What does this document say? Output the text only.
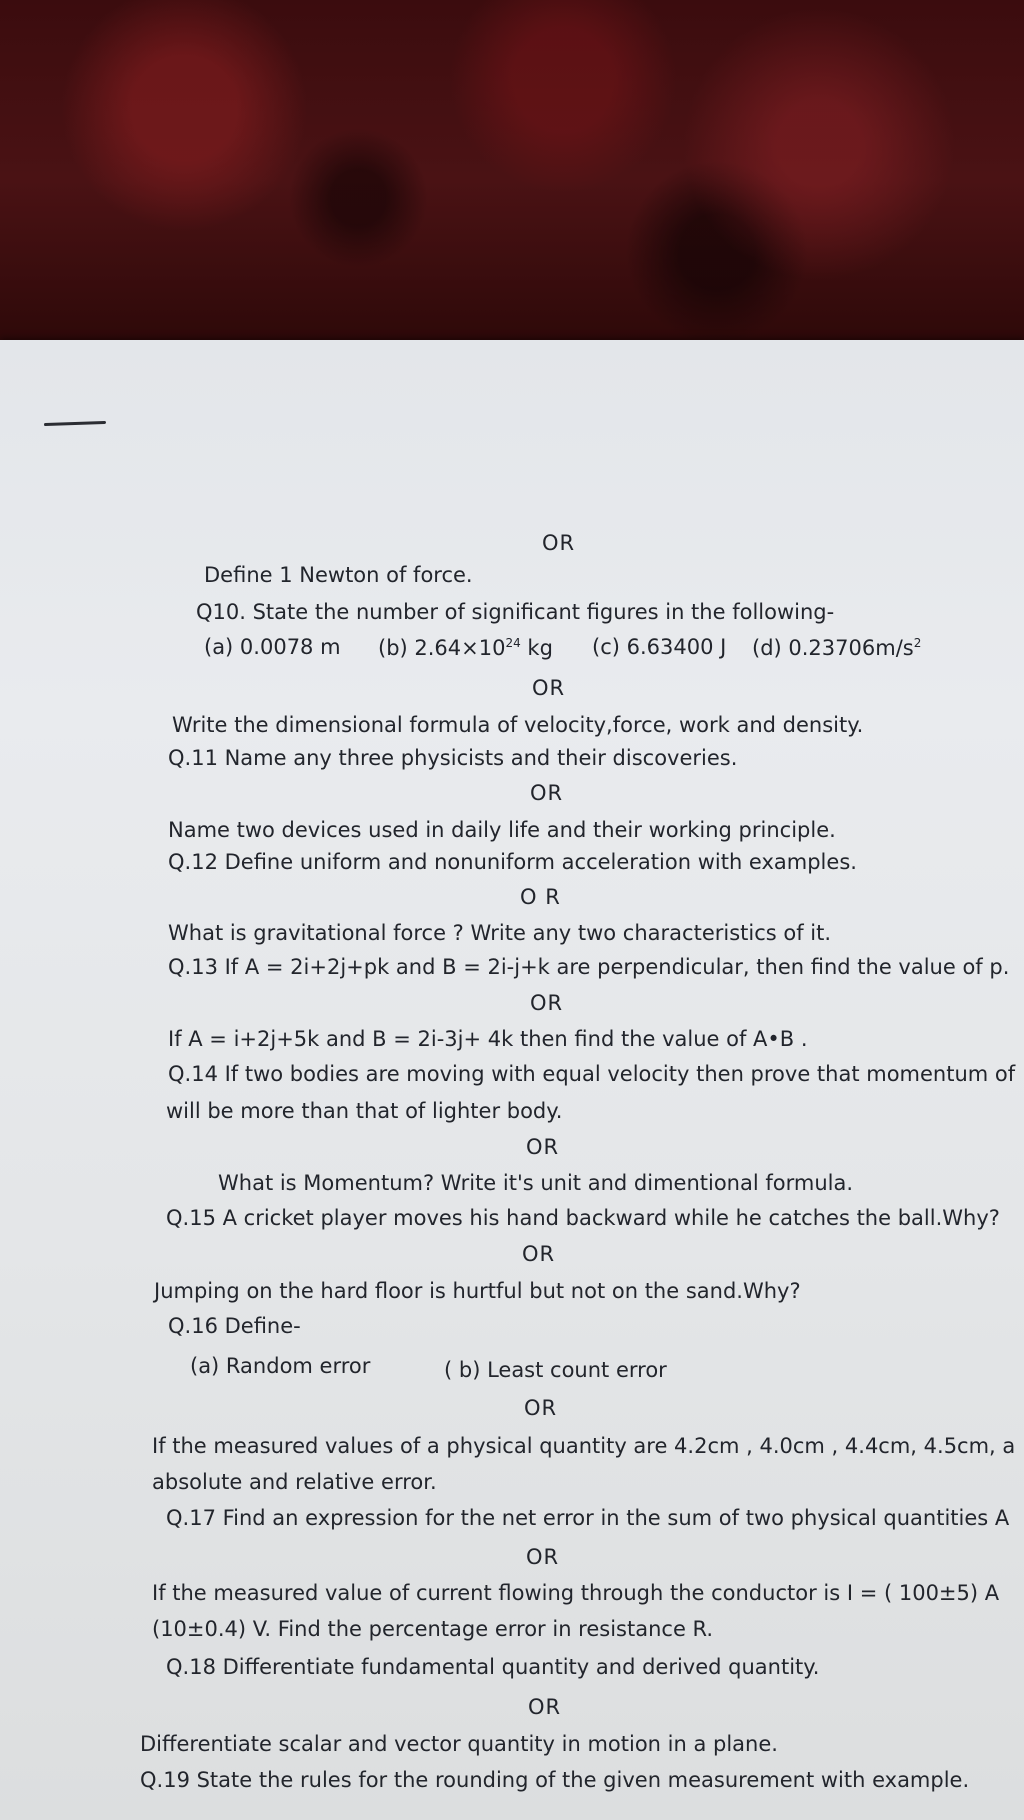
OR

Define 1 Newton of force.

Q10. State the number of significant figures in the following-

(a) 0.0078 m (b) $2.64\times 10^{24}$ kg (c) 6.63400 J (d) $0.23706m/s^2$

OR

Write the dimensional formula of velocity,force, work and density.

Q.11 Name any three physicists and their discoveries.

OR

Name two devices used in daily life and their working principle.

Q.12 Define uniform and nonuniform acceleration with examples.

O R

What is gravitational force ? Write any two characteristics of it.

Q.13 If A = 2i+2j+pk and B = 2i-j+k are perpendicular, then find the value of p.

OR

If A = i+2j+5k and B = 2i-3j+ 4k then find the value of A•B .

Q.14 If two bodies are moving with equal velocity then prove that momentum of

will be more than that of lighter body.

OR

What is Momentum? Write it's unit and dimentional formula.

Q.15 A cricket player moves his hand backward while he catches the ball.Why?

OR

Jumping on the hard floor is hurtful but not on the sand.Why?

Q.16 Define-

(a) Random error	( b) Least count error

OR

If the measured values of a physical quantity are 4.2cm , 4.0cm , 4.4cm, 4.5cm, a

absolute and relative error.

Q.17 Find an expression for the net error in the sum of two physical quantities A

OR

If the measured value of current flowing through the conductor is I = ( 100±5) A

(10±0.4) V. Find the percentage error in resistance R.

Q.18 Differentiate fundamental quantity and derived quantity.

OR

Differentiate scalar and vector quantity in motion in a plane.

Q.19 State the rules for the rounding of the given measurement with example.
